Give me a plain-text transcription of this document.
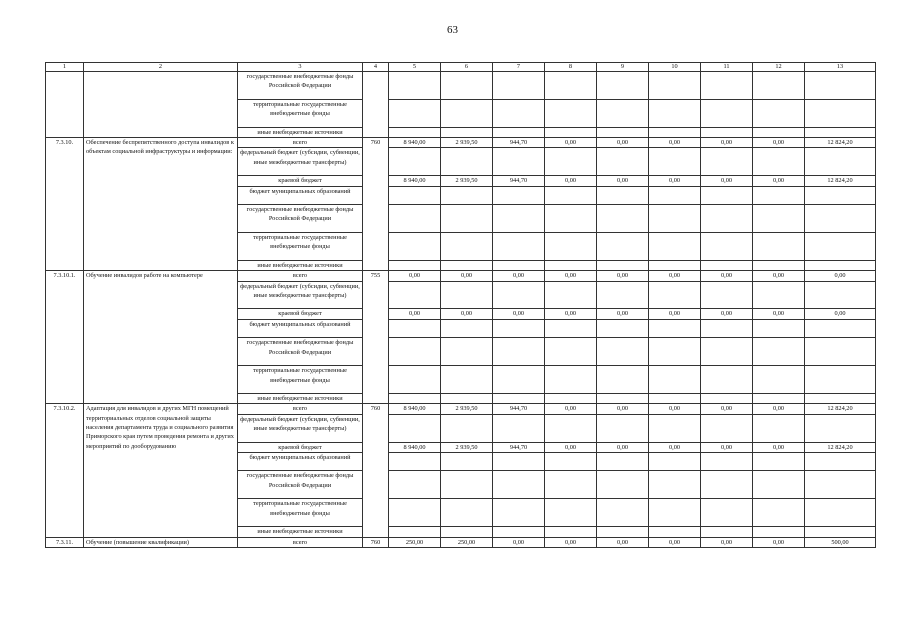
63
1	2	3	4	5	6	7	8	9	10	11	12	13
		государственные внебюджетные фонды Российской Федерации										
		территориальные государственные внебюджетные фонды										
		иные внебюджетные источники										
7.3.10.	Обеспечение беспрепятственного доступа инвалидов к объектам социальной инфраструктуры и информации:	всего	760	8 940,00	2 939,50	944,70	0,00	0,00	0,00	0,00	0,00	12 824,20
		федеральный бюджет (субсидии, субвенции, иные межбюджетные трансферты)										
		краевой бюджет		8 940,00	2 939,50	944,70	0,00	0,00	0,00	0,00	0,00	12 824,20
		бюджет муниципальных образований										
		государственные внебюджетные фонды Российской Федерации										
		территориальные государственные внебюджетные фонды										
		иные внебюджетные источники										
7.3.10.1.	Обучение инвалидов работе на компьютере	всего	755	0,00	0,00	0,00	0,00	0,00	0,00	0,00	0,00	0,00
		федеральный бюджет (субсидии, субвенции, иные межбюджетные трансферты)										
		краевой бюджет		0,00	0,00	0,00	0,00	0,00	0,00	0,00	0,00	0,00
		бюджет муниципальных образований										
		государственные внебюджетные фонды Российской Федерации										
		территориальные государственные внебюджетные фонды										
		иные внебюджетные источники										
7.3.10.2.	Адаптация для инвалидов и других МГН помещений территориальных отделов социальной защиты населения департамента труда и социального развития Приморского края путем проведения ремонта и других мероприятий по дооборудованию	всего	760	8 940,00	2 939,50	944,70	0,00	0,00	0,00	0,00	0,00	12 824,20
		федеральный бюджет (субсидии, субвенции, иные межбюджетные трансферты)										
		краевой бюджет		8 940,00	2 939,50	944,70	0,00	0,00	0,00	0,00	0,00	12 824,20
		бюджет муниципальных образований										
		государственные внебюджетные фонды Российской Федерации										
		территориальные государственные внебюджетные фонды										
		иные внебюджетные источники										
7.3.11.	Обучение (повышение квалификации)	всего	760	250,00	250,00	0,00	0,00	0,00	0,00	0,00	0,00	500,00
